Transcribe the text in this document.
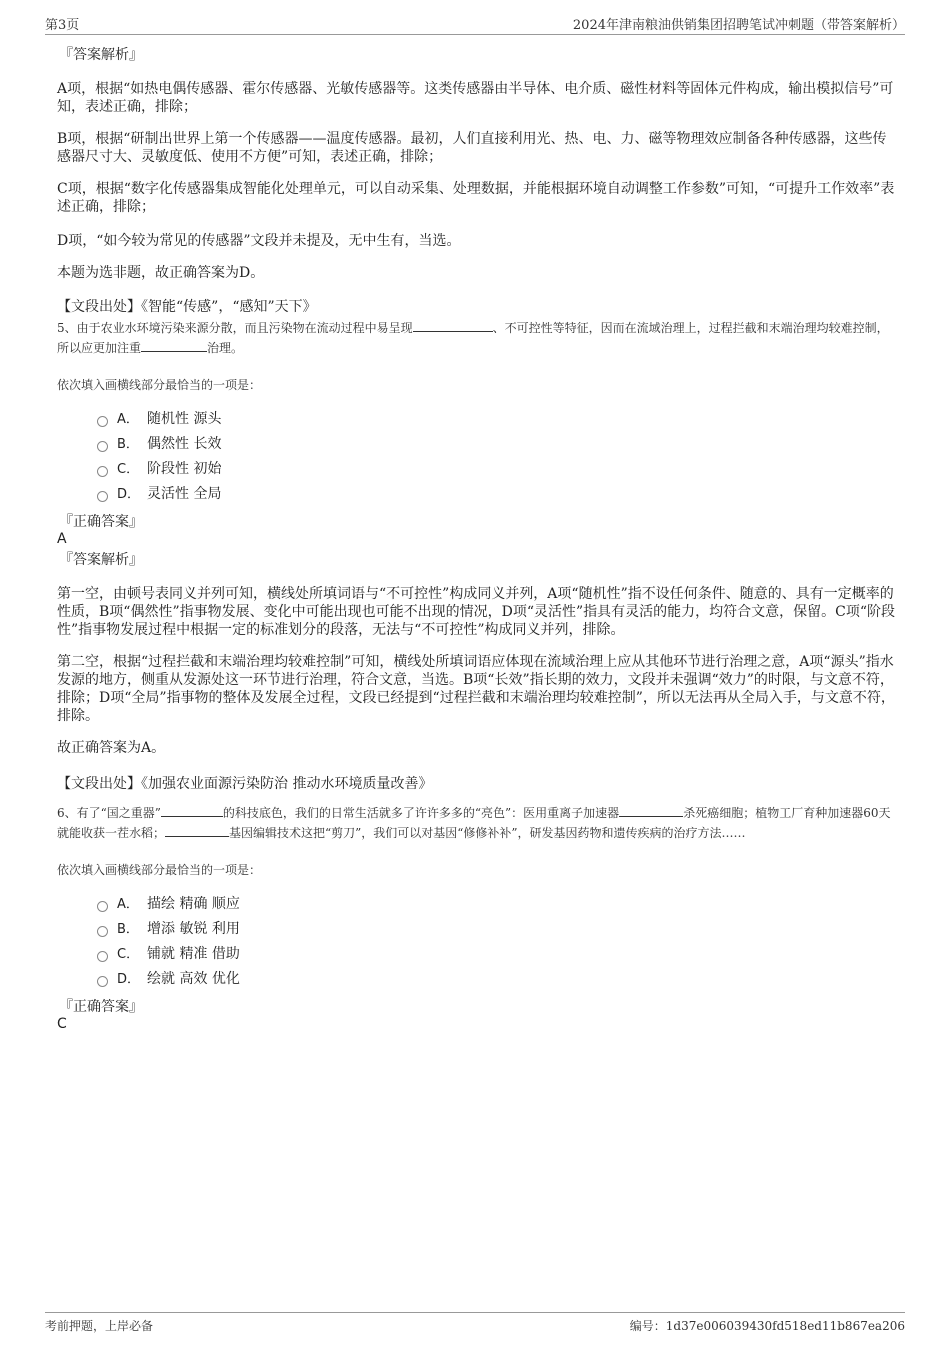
第3页	2024年津南粮油供销集团招聘笔试冲刺题（带答案解析）
『答案解析』

A项，根据“如热电偶传感器、霍尔传感器、光敏传感器等。这类传感器由半导体、电介质、磁性材料等固体元件构成，输出模拟信号”可知，表述正确，排除；

B项，根据“研制出世界上第一个传感器——温度传感器。最初，人们直接利用光、热、电、力、磁等物理效应制备各种传感器，这些传感器尺寸大、灵敏度低、使用不方便”可知，表述正确，排除；

C项，根据“数字化传感器集成智能化处理单元，可以自动采集、处理数据，并能根据环境自动调整工作参数”可知，“可提升工作效率”表述正确，排除；

D项，“如今较为常见的传感器”文段并未提及，无中生有，当选。

本题为选非题，故正确答案为D。

【文段出处】《智能“传感”，“感知”天下》
5、由于农业水环境污染来源分散，而且污染物在流动过程中易呈现	、不可控性等特征，因而在流域治理上，过程拦截和末端治理均较难控制，所以应更加注重	治理。
依次填入画横线部分最恰当的一项是：
A． 随机性 源头
B． 偶然性 长效
C． 阶段性 初始
D． 灵活性 全局
『正确答案』
A
『答案解析』

第一空，由顿号表同义并列可知，横线处所填词语与“不可控性”构成同义并列，A项“随机性”指不设任何条件、随意的、具有一定概率的性质，B项“偶然性”指事物发展、变化中可能出现也可能不出现的情况，D项“灵活性”指具有灵活的能力，均符合文意，保留。C项“阶段性”指事物发展过程中根据一定的标准划分的段落，无法与“不可控性”构成同义并列，排除。

第二空，根据“过程拦截和末端治理均较难控制”可知，横线处所填词语应体现在流域治理上应从其他环节进行治理之意，A项“源头”指水发源的地方，侧重从发源处这一环节进行治理，符合文意，当选。B项“长效”指长期的效力，文段并未强调“效力”的时限，与文意不符，排除；D项“全局”指事物的整体及发展全过程，文段已经提到“过程拦截和末端治理均较难控制”，所以无法再从全局入手，与文意不符，排除。

故正确答案为A。

【文段出处】《加强农业面源污染防治 推动水环境质量改善》
6、有了“国之重器”	的科技底色，我们的日常生活就多了许许多多的“亮色”：医用重离子加速器	杀死癌细胞；植物工厂育种加速器60天就能收获一茬水稻；	基因编辑技术这把“剪刀”，我们可以对基因“修修补补”，研发基因药物和遗传疾病的治疗方法……
依次填入画横线部分最恰当的一项是：
A． 描绘 精确 顺应
B． 增添 敏锐 利用
C． 铺就 精准 借助
D． 绘就 高效 优化
『正确答案』
C
考前押题，上岸必备	编号：1d37e006039430fd518ed11b867ea206
